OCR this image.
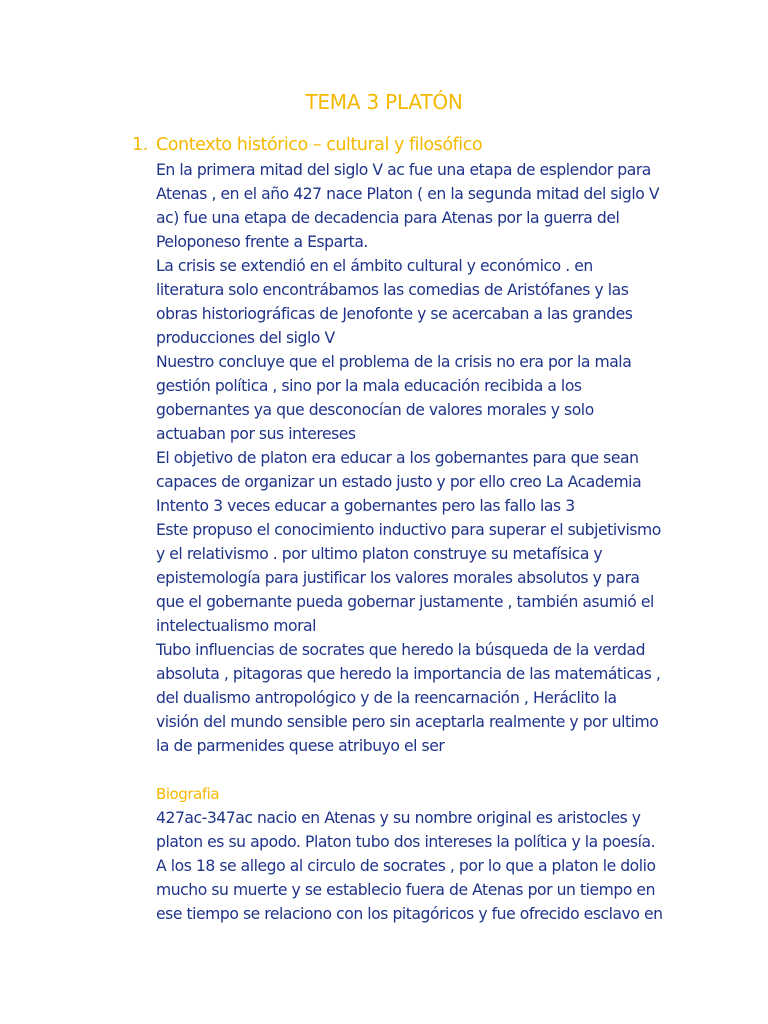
TEMA 3 PLATÓN
1. Contexto histórico – cultural y filosófico
En la primera mitad del siglo V ac fue una etapa de esplendor para
Atenas , en el año 427 nace Platon ( en la segunda mitad del siglo V
ac) fue una etapa de decadencia para Atenas por la guerra del
Peloponeso frente a Esparta.
La crisis se extendió en el ámbito cultural y económico . en
literatura solo encontrábamos las comedias de Aristófanes y las
obras historiográficas de Jenofonte y se acercaban a las grandes
producciones del siglo V
Nuestro concluye que el problema de la crisis no era por la mala
gestión política , sino por la mala educación recibida a los
gobernantes ya que desconocían de valores morales y solo
actuaban por sus intereses
El objetivo de platon era educar a los gobernantes para que sean
capaces de organizar un estado justo y por ello creo La Academia
Intento 3 veces educar a gobernantes pero las fallo las 3
Este propuso el conocimiento inductivo para superar el subjetivismo
y el relativismo . por ultimo platon construye su metafísica y
epistemología para justificar los valores morales absolutos y para
que el gobernante pueda gobernar justamente , también asumió el
intelectualismo moral
Tubo influencias de socrates que heredo la búsqueda de la verdad
absoluta , pitagoras que heredo la importancia de las matemáticas ,
del dualismo antropológico y de la reencarnación , Heráclito la
visión del mundo sensible pero sin aceptarla realmente y por ultimo
la de parmenides quese atribuyo el ser
Biografia
427ac-347ac nacio en Atenas y su nombre original es aristocles y
platon es su apodo. Platon tubo dos intereses la política y la poesía.
A los 18 se allego al circulo de socrates , por lo que a platon le dolio
mucho su muerte y se establecio fuera de Atenas por un tiempo en
ese tiempo se relaciono con los pitagóricos y fue ofrecido esclavo en
